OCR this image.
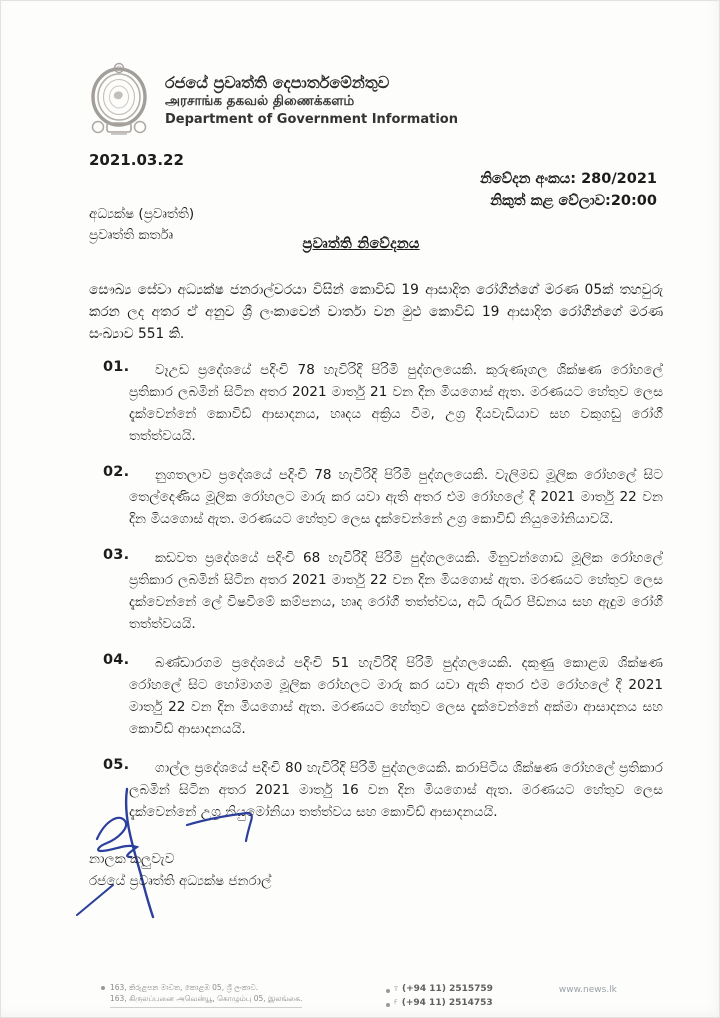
රජයේ ප්‍රවෘත්ති දෙපාර්තමේන්තුව
அரசாங்க தகவல் திணைக்களம்
Department of Government Information
2021.03.22
නිවේදන අංකය: 280/2021
නිකුත් කළ වේලාව:20:00
අධ්‍යක්ෂ (ප්‍රවෘත්ති)
ප්‍රවෘත්ති කර්තෘ
ප්‍රවෘත්ති නිවේදනය

සෞඛ්‍ය සේවා අධ්‍යක්ෂ ජනරාල්වරයා විසින් කොවිඩ් 19 ආසාදිත රෝගීන්ගේ මරණ 05ක් තහවුරු කරන ලද අතර ඒ අනුව ශ්‍රී ලංකාවෙන් වාර්තා වන මුළු කොවිඩ් 19 ආසාදිත රෝගීන්ගේ මරණ සංඛ්‍යාව 551 කි.

01.	වෑඋඩ ප්‍රදේශයේ පදිංචි 78 හැවිරිදි පිරිමි පුද්ගලයෙකි. කුරුණෑගල ශික්ෂණ රෝහලේ ප්‍රතිකාර ලබමින් සිටින අතර 2021 මාර්තු 21 වන දින මියගොස් ඇත. මරණයට හේතුව ලෙස දැක්වෙන්නේ කොවිඩ් ආසාදනය, හෘදය අක්‍රිය වීම, උග්‍ර දියවැඩියාව සහ වකුගඩු රෝගී තත්ත්වයයි.
02.	නුගතලාව ප්‍රදේශයේ පදිංචි 78 හැවිරිදි පිරිමි පුද්ගලයෙකි. වැලිමඩ මූලික රෝහලේ සිට තෙල්දෙණිය මූලික රෝහලට මාරු කර යවා ඇති අතර එම රෝහලේ දී 2021 මාර්තු 22 වන දින මියගොස් ඇත. මරණයට හේතුව ලෙස දැක්වෙන්නේ උග්‍ර කොවිඩ් නියුමෝනියාවයි.
03.	කඩවත ප්‍රදේශයේ පදිංචි 68 හැවිරිදි පිරිමි පුද්ගලයෙකි. මිනුවන්ගොඩ මූලික රෝහලේ ප්‍රතිකාර ලබමින් සිටින අතර 2021 මාර්තු 22 වන දින මියගොස් ඇත. මරණයට හේතුව ලෙස දැක්වෙන්නේ ලේ විෂවීමේ කම්පනය, හෘද රෝගී තත්ත්වය, අධි රුධිර පීඩනය සහ ඇදුම රෝගී තත්ත්වයයි.
04.	බණ්ඩාරගම ප්‍රදේශයේ පදිංචි 51 හැවිරිදි පිරිමි පුද්ගලයෙකි. දකුණු කොළඹ ශික්ෂණ රෝහලේ සිට හෝමාගම මූලික රෝහලට මාරු කර යවා ඇති අතර එම රෝහලේ දී 2021 මාර්තු 22 වන දින මියගොස් ඇත. මරණයට හේතුව ලෙස දැක්වෙන්නේ අක්මා ආසාදනය සහ කොවිඩ් ආසාදනයයි.
05.	ගාල්ල ප්‍රදේශයේ පදිංචි 80 හැවිරිදි පිරිමි පුද්ගලයෙකි. කරාපිටිය ශික්ෂණ රෝහලේ ප්‍රතිකාර ලබමින් සිටින අතර 2021 මාර්තු 16 වන දින මියගොස් ඇත. මරණයට හේතුව ලෙස දැක්වෙන්නේ උග්‍ර නියුමෝනියා තත්ත්වය සහ කොවිඩ් ආසාදනයයි.
නාලක කලුවැව
රජයේ ප්‍රවෘත්ති අධ්‍යක්ෂ ජනරාල්
163, කිරුළපන මාවත, කොළඹ 05, ශ්‍රී ලංකාව.
163, கிருலப்பனை அவென்யூ, கொழும்பு 05, இலங்கை.
T (+94 11) 2515759
F (+94 11) 2514753
www.news.lk
